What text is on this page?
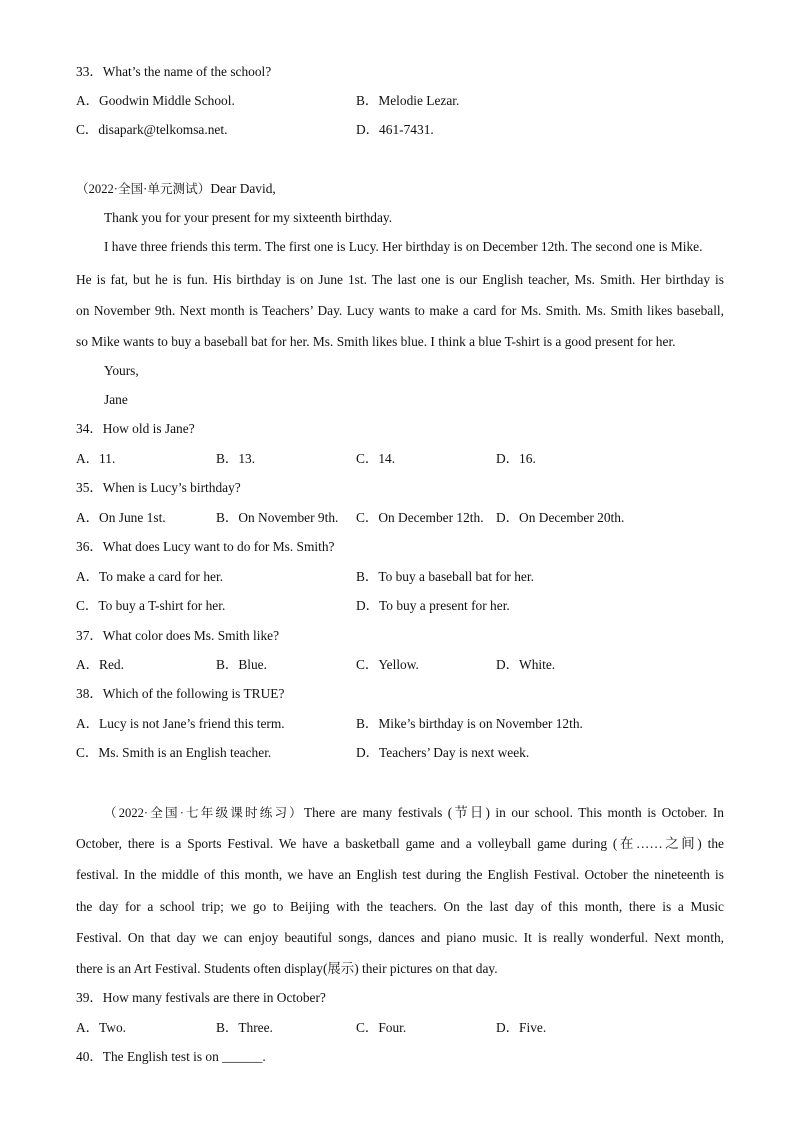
33．What’s the name of the school?
A．Goodwin Middle School.	B．Melodie Lezar.
C．disapark@telkomsa.net.	D．461-7431.
（2022·全国·单元测试）Dear David,
Thank you for your present for my sixteenth birthday.
I have three friends this term. The first one is Lucy. Her birthday is on December 12th. The second one is Mike.
He is fat, but he is fun. His birthday is on June 1st. The last one is our English teacher, Ms. Smith. Her birthday is
on November 9th. Next month is Teachers’ Day. Lucy wants to make a card for Ms. Smith. Ms. Smith likes baseball,
so Mike wants to buy a baseball bat for her. Ms. Smith likes blue. I think a blue T-shirt is a good present for her.
Yours,
Jane
34．How old is Jane?
A．11.	B．13.	C．14.	D．16.
35．When is Lucy’s birthday?
A．On June 1st.	B．On November 9th. C．On December 12th. D．On December 20th.
36．What does Lucy want to do for Ms. Smith?
A．To make a card for her.	B．To buy a baseball bat for her.
C．To buy a T-shirt for her.	D．To buy a present for her.
37．What color does Ms. Smith like?
A．Red.	B．Blue.	C．Yellow.	D．White.
38．Which of the following is TRUE?
A．Lucy is not Jane’s friend this term.	B．Mike’s birthday is on November 12th.
C．Ms. Smith is an English teacher.	D．Teachers’ Day is next week.
（2022·全国·七年级课时练习）There are many festivals (节日) in our school. This month is October. In
October, there is a Sports Festival. We have a basketball game and a volleyball game during (在……之间) the
festival. In the middle of this month, we have an English test during the English Festival. October the nineteenth is
the day for a school trip; we go to Beijing with the teachers. On the last day of this month, there is a Music
Festival. On that day we can enjoy beautiful songs, dances and piano music. It is really wonderful. Next month,
there is an Art Festival. Students often display(展示) their pictures on that day.
39．How many festivals are there in October?
A．Two.	B．Three.	C．Four.	D．Five.
40．The English test is on ______.
